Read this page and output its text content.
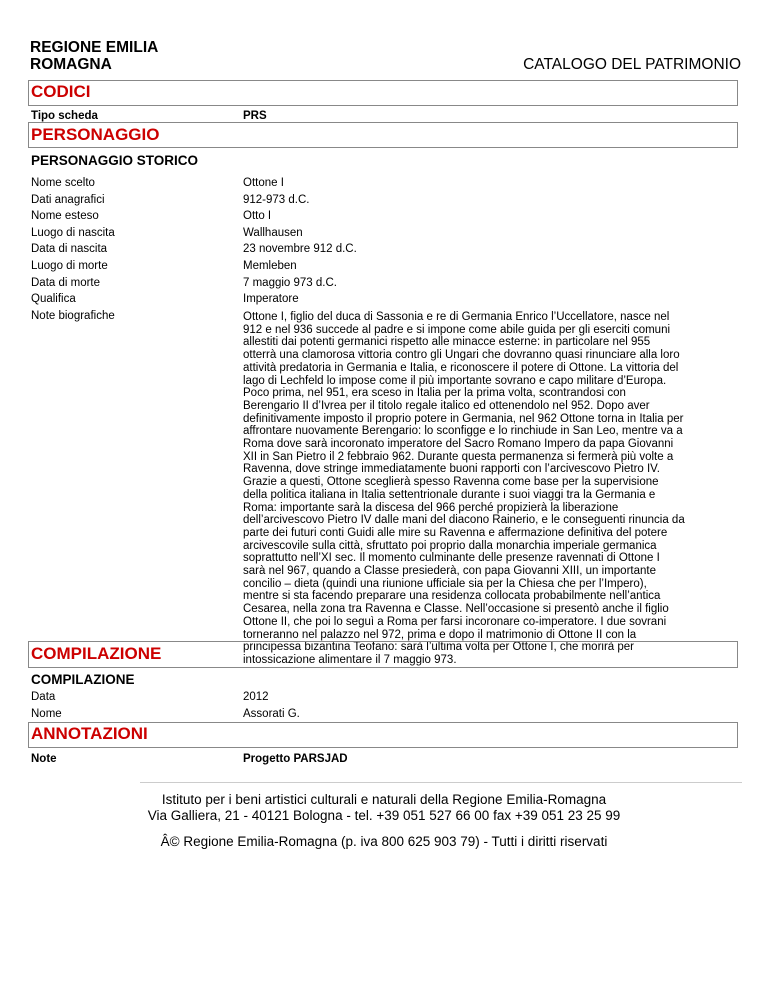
REGIONE EMILIA
ROMAGNA	CATALOGO DEL PATRIMONIO
CODICI
Tipo scheda	PRS
PERSONAGGIO
PERSONAGGIO STORICO
Nome scelto	Ottone I
Dati anagrafici	912-973 d.C.
Nome esteso	Otto I
Luogo di nascita	Wallhausen
Data di nascita	23 novembre 912 d.C.
Luogo di morte	Memleben
Data di morte	7 maggio 973 d.C.
Qualifica	Imperatore
Note biografiche	Ottone I, figlio del duca di Sassonia e re di Germania Enrico l’Uccellatore, nasce nel
912 e nel 936 succede al padre e si impone come abile guida per gli eserciti comuni
allestiti dai potenti germanici rispetto alle minacce esterne: in particolare nel 955
otterrà una clamorosa vittoria contro gli Ungari che dovranno quasi rinunciare alla loro
attività predatoria in Germania e Italia, e riconoscere il potere di Ottone. La vittoria del
lago di Lechfeld lo impose come il più importante sovrano e capo militare d’Europa.
Poco prima, nel 951, era sceso in Italia per la prima volta, scontrandosi con
Berengario II d’Ivrea per il titolo regale italico ed ottenendolo nel 952. Dopo aver
definitivamente imposto il proprio potere in Germania, nel 962 Ottone torna in Italia per
affrontare nuovamente Berengario: lo sconfigge e lo rinchiude in San Leo, mentre va a
Roma dove sarà incoronato imperatore del Sacro Romano Impero da papa Giovanni
XII in San Pietro il 2 febbraio 962. Durante questa permanenza si fermerà più volte a
Ravenna, dove stringe immediatamente buoni rapporti con l’arcivescovo Pietro IV.
Grazie a questi, Ottone sceglierà spesso Ravenna come base per la supervisione
della politica italiana in Italia settentrionale durante i suoi viaggi tra la Germania e
Roma: importante sarà la discesa del 966 perché propizierà la liberazione
dell’arcivescovo Pietro IV dalle mani del diacono Rainerio, e le conseguenti rinuncia da
parte dei futuri conti Guidi alle mire su Ravenna e affermazione definitiva del potere
arcivescovile sulla città, sfruttato poi proprio dalla monarchia imperiale germanica
soprattutto nell’XI sec. Il momento culminante delle presenze ravennati di Ottone I
sarà nel 967, quando a Classe presiederà, con papa Giovanni XIII, un importante
concilio – dieta (quindi una riunione ufficiale sia per la Chiesa che per l’Impero),
mentre si sta facendo preparare una residenza collocata probabilmente nell’antica
Cesarea, nella zona tra Ravenna e Classe. Nell’occasione si presentò anche il figlio
Ottone II, che poi lo seguì a Roma per farsi incoronare co-imperatore. I due sovrani
torneranno nel palazzo nel 972, prima e dopo il matrimonio di Ottone II con la
principessa bizantina Teofano: sarà l’ultima volta per Ottone I, che morirà per
intossicazione alimentare il 7 maggio 973.
COMPILAZIONE
COMPILAZIONE
Data	2012
Nome	Assorati G.
ANNOTAZIONI
Note	Progetto PARSJAD
Istituto per i beni artistici culturali e naturali della Regione Emilia-Romagna
Via Galliera, 21 - 40121 Bologna - tel. +39 051 527 66 00 fax +39 051 23 25 99
Â© Regione Emilia-Romagna (p. iva 800 625 903 79) - Tutti i diritti riservati
